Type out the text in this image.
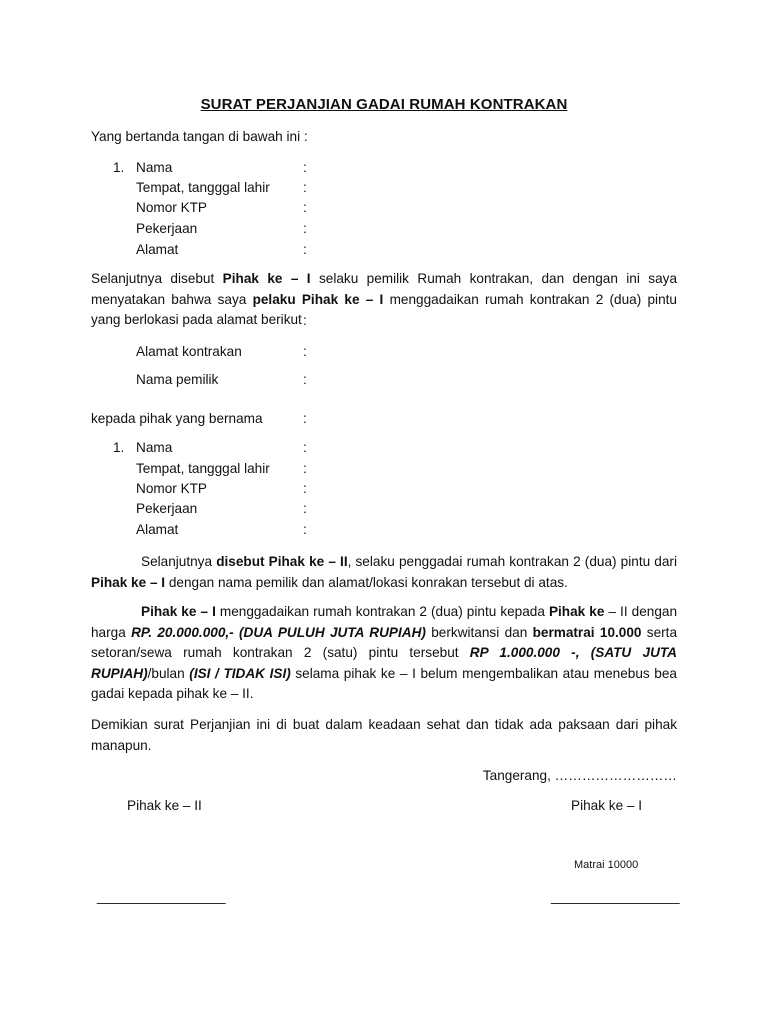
SURAT PERJANJIAN GADAI RUMAH KONTRAKAN
Yang bertanda tangan di bawah ini :
1. Nama	:
Tempat, tangggal lahir :
Nomor KTP	:
Pekerjaan	:
Alamat	:
Selanjutnya disebut Pihak ke – I selaku pemilik Rumah kontrakan, dan dengan ini saya menyatakan bahwa saya pelaku Pihak ke – I menggadaikan rumah kontrakan 2 (dua) pintu yang berlokasi pada alamat berikut :
Alamat kontrakan	:
Nama pemilik	:
kepada pihak yang bernama	:
1. Nama	:
Tempat, tangggal lahir :
Nomor KTP	:
Pekerjaan	:
Alamat	:
Selanjutnya disebut Pihak ke – II, selaku penggadai rumah kontrakan 2 (dua) pintu dari Pihak ke – I dengan nama pemilik dan alamat/lokasi konrakan tersebut di atas.
Pihak ke – I menggadaikan rumah kontrakan 2 (dua) pintu kepada Pihak ke – II dengan harga RP. 20.000.000,- (DUA PULUH JUTA RUPIAH) berkwitansi dan bermatrai 10.000 serta setoran/sewa rumah kontrakan 2 (satu) pintu tersebut RP 1.000.000 -, (SATU JUTA RUPIAH)/bulan (ISI / TIDAK ISI) selama pihak ke – I belum mengembalikan atau menebus bea gadai kepada pihak ke – II.
Demikian surat Perjanjian ini di buat dalam keadaan sehat dan tidak ada paksaan dari pihak manapun.
Tangerang, ………………………
Pihak ke – II	Pihak ke – I
Matrai 10000
_________________	_________________
